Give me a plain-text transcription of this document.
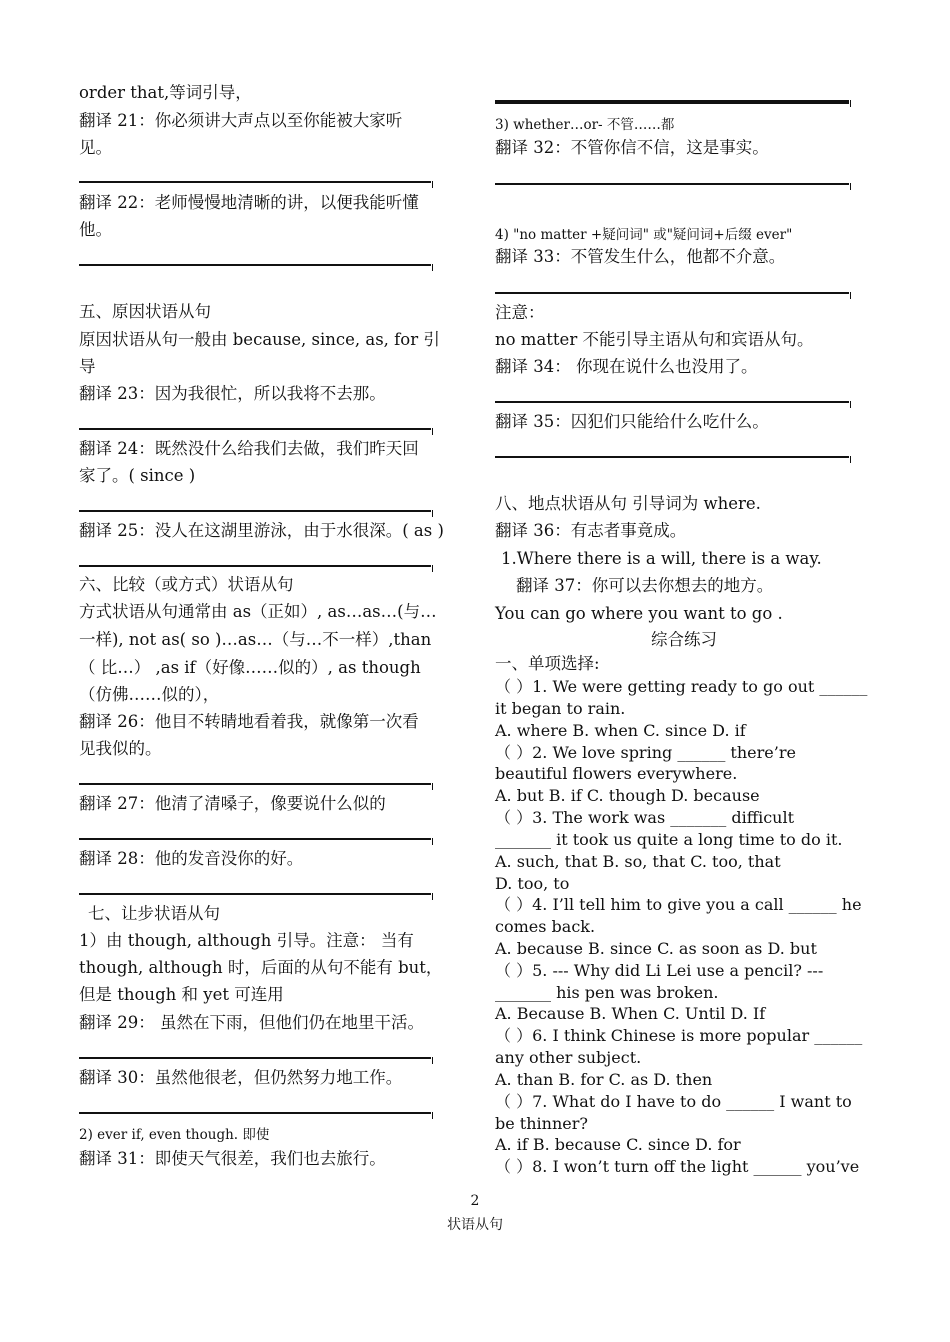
order that,等词引导，
翻译 21：你必须讲大声点以至你能被大家听
见。
翻译 22：老师慢慢地清晰的讲，以便我能听懂
他。
五、原因状语从句
原因状语从句一般由 because, since, as, for 引
导
翻译 23：因为我很忙，所以我将不去那。
翻译 24：既然没什么给我们去做，我们昨天回
家了。( since )
翻译 25：没人在这湖里游泳，由于水很深。( as )
六、比较（或方式）状语从句
方式状语从句通常由 as（正如）, as…as…(与…
一样), not as( so )…as…（与…不一样）,than
（ 比…） ,as if（好像……似的）, as though
（仿佛……似的），
翻译 26：他目不转睛地看着我，就像第一次看
见我似的。
翻译 27：他清了清嗓子，像要说什么似的
翻译 28：他的发音没你的好。
七、让步状语从句
1）由 though, although 引导。注意： 当有
though, although 时，后面的从句不能有 but，
但是 though 和 yet 可连用
翻译 29： 虽然在下雨，但他们仍在地里干活。
翻译 30：虽然他很老，但仍然努力地工作。
2) ever if, even though. 即使
翻译 31：即使天气很差，我们也去旅行。
3) whether…or- 不管……都
翻译 32：不管你信不信，这是事实。
4) "no matter +疑问词" 或"疑问词+后缀 ever"
翻译 33：不管发生什么，他都不介意。
注意：
no matter 不能引导主语从句和宾语从句。
翻译 34： 你现在说什么也没用了。
翻译 35：囚犯们只能给什么吃什么。
八、地点状语从句 引导词为 where.
翻译 36：有志者事竟成。
1.Where there is a will, there is a way.
翻译 37：你可以去你想去的地方。
You can go where you want to go .
综合练习
一、单项选择:
（ ）1. We were getting ready to go out ______
it began to rain.
A. where B. when C. since D. if
（ ）2. We love spring ______ there’re
beautiful flowers everywhere.
A. but B. if C. though D. because
（ ）3. The work was _______ difficult
_______ it took us quite a long time to do it.
A. such, that B. so, that C. too, that
D. too, to
（ ）4. I’ll tell him to give you a call ______ he
comes back.
A. because B. since C. as soon as D. but
（ ）5. --- Why did Li Lei use a pencil? ---
_______ his pen was broken.
A. Because B. When C. Until D. If
（ ）6. I think Chinese is more popular ______
any other subject.
A. than B. for C. as D. then
（ ）7. What do I have to do ______ I want to
be thinner?
A. if B. because C. since D. for
（ ）8. I won’t turn off the light ______ you’ve
2
状语从句
